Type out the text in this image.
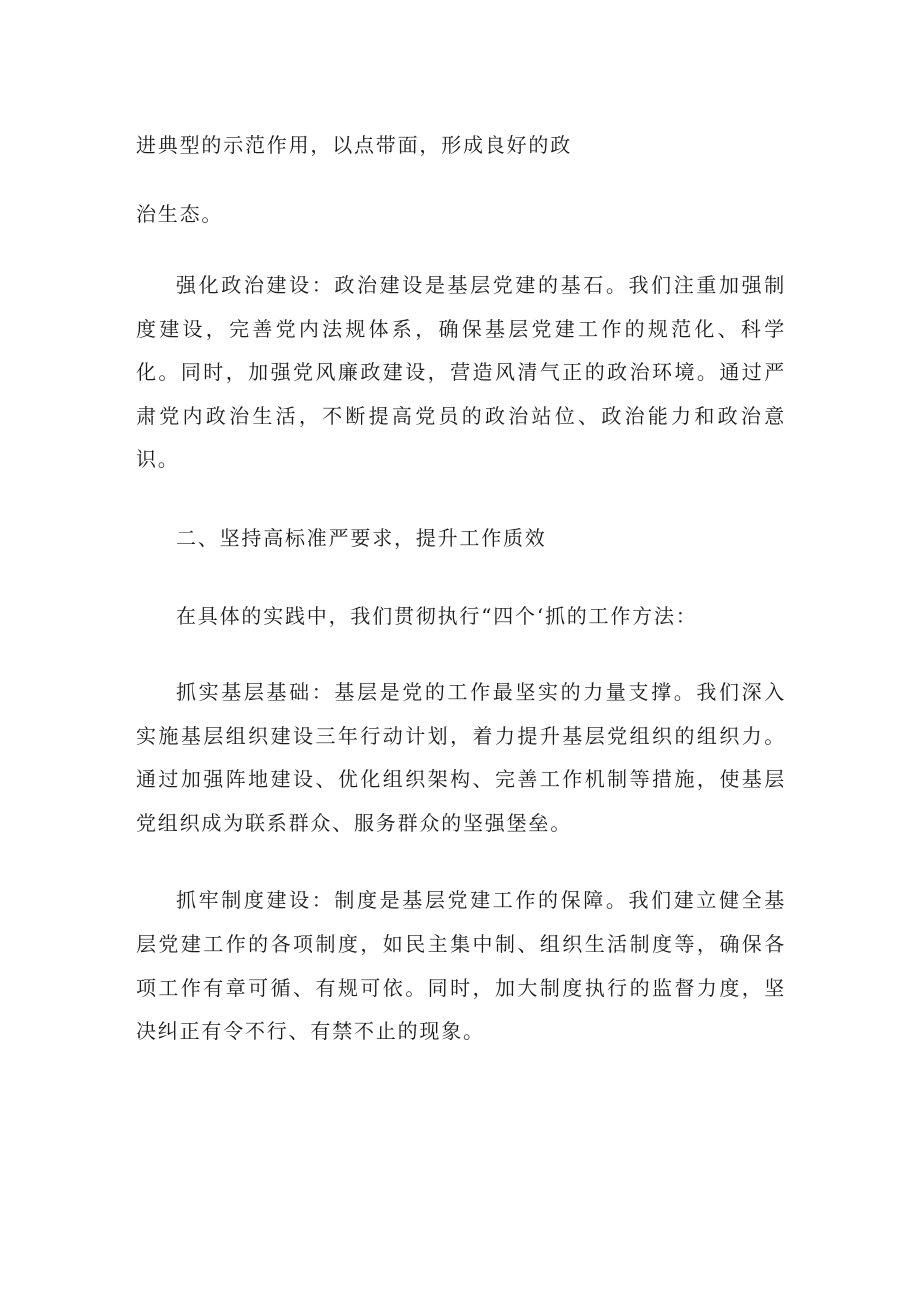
进典型的示范作用，以点带面，形成良好的政
治生态。

强化政治建设：政治建设是基层党建的基石。我们注重加强制度建设，完善党内法规体系，确保基层党建工作的规范化、科学化。同时，加强党风廉政建设，营造风清气正的政治环境。通过严肃党内政治生活，不断提高党员的政治站位、政治能力和政治意识。

二、坚持高标准严要求，提升工作质效

在具体的实践中，我们贯彻执行“四个‘抓的工作方法：

抓实基层基础：基层是党的工作最坚实的力量支撑。我们深入实施基层组织建设三年行动计划，着力提升基层党组织的组织力。通过加强阵地建设、优化组织架构、完善工作机制等措施，使基层党组织成为联系群众、服务群众的坚强堡垒。

抓牢制度建设：制度是基层党建工作的保障。我们建立健全基层党建工作的各项制度，如民主集中制、组织生活制度等，确保各项工作有章可循、有规可依。同时，加大制度执行的监督力度，坚决纠正有令不行、有禁不止的现象。
